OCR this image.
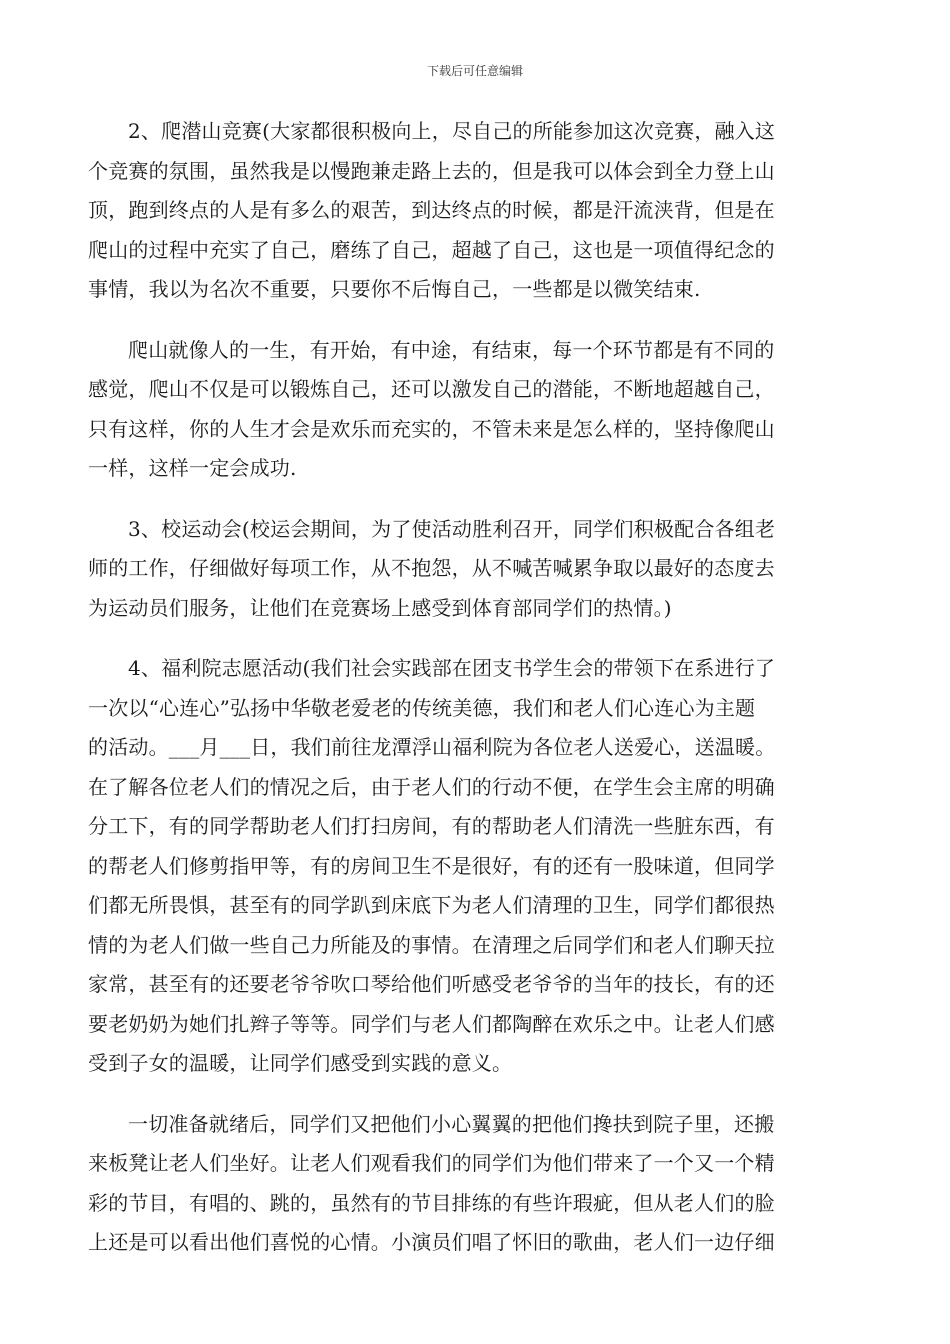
下载后可任意编辑
2、爬潜山竞赛(大家都很积极向上，尽自己的所能参加这次竞赛，融入这
个竞赛的氛围，虽然我是以慢跑兼走路上去的，但是我可以体会到全力登上山
顶，跑到终点的人是有多么的艰苦，到达终点的时候，都是汗流浃背，但是在
爬山的过程中充实了自己，磨练了自己，超越了自己，这也是一项值得纪念的
事情，我以为名次不重要，只要你不后悔自己，一些都是以微笑结束.
爬山就像人的一生，有开始，有中途，有结束，每一个环节都是有不同的
感觉，爬山不仅是可以锻炼自己，还可以激发自己的潜能，不断地超越自己，
只有这样，你的人生才会是欢乐而充实的，不管未来是怎么样的，坚持像爬山
一样，这样一定会成功.
3、校运动会(校运会期间，为了使活动胜利召开，同学们积极配合各组老
师的工作，仔细做好每项工作，从不抱怨，从不喊苦喊累争取以最好的态度去
为运动员们服务，让他们在竞赛场上感受到体育部同学们的热情。)
4、福利院志愿活动(我们社会实践部在团支书学生会的带领下在系进行了
一次以“心连心”弘扬中华敬老爱老的传统美德，我们和老人们心连心为主题
的活动。___月___日，我们前往龙潭浮山福利院为各位老人送爱心，送温暖。
在了解各位老人们的情况之后，由于老人们的行动不便，在学生会主席的明确
分工下，有的同学帮助老人们打扫房间，有的帮助老人们清洗一些脏东西，有
的帮老人们修剪指甲等，有的房间卫生不是很好，有的还有一股味道，但同学
们都无所畏惧，甚至有的同学趴到床底下为老人们清理的卫生，同学们都很热
情的为老人们做一些自己力所能及的事情。在清理之后同学们和老人们聊天拉
家常，甚至有的还要老爷爷吹口琴给他们听感受老爷爷的当年的技长，有的还
要老奶奶为她们扎辫子等等。同学们与老人们都陶醉在欢乐之中。让老人们感
受到子女的温暖，让同学们感受到实践的意义。
一切准备就绪后，同学们又把他们小心翼翼的把他们搀扶到院子里，还搬
来板凳让老人们坐好。让老人们观看我们的同学们为他们带来了一个又一个精
彩的节目，有唱的、跳的，虽然有的节目排练的有些许瑕疵，但从老人们的脸
上还是可以看出他们喜悦的心情。小演员们唱了怀旧的歌曲，老人们一边仔细
